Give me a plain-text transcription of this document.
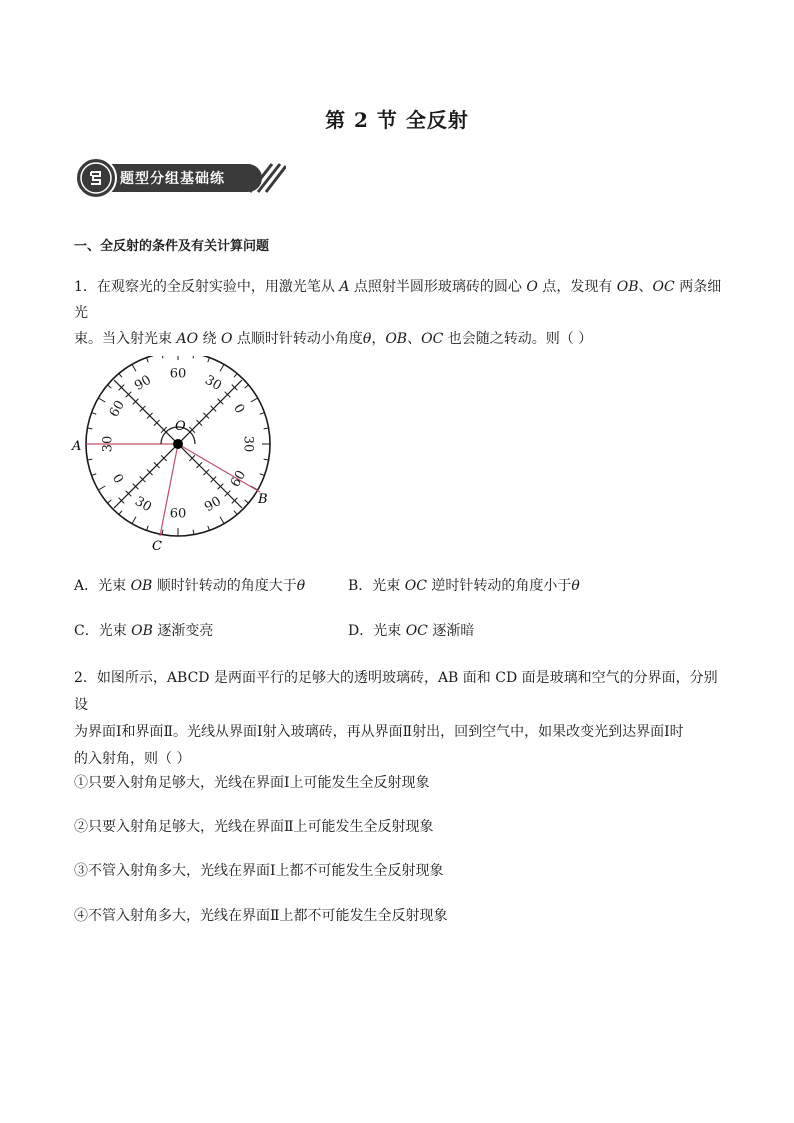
第 2 节 全反射
题型分组基础练
一、全反射的条件及有关计算问题
1．在观察光的全反射实验中，用激光笔从 A 点照射半圆形玻璃砖的圆心 O 点，发现有 OB、OC 两条细光
束。当入射光束 AO 绕 O 点顺时针转动小角度θ，OB、OC 也会随之转动。则（ ）
90 60 30
0
30
60
90
60
30
0
30
60
A
B
C
O
A．光束 OB 顺时针转动的角度大于θ	B．光束 OC 逆时针转动的角度小于θ
C．光束 OB 逐渐变亮	D．光束 OC 逐渐暗
2．如图所示，ABCD 是两面平行的足够大的透明玻璃砖，AB 面和 CD 面是玻璃和空气的分界面，分别设
为界面Ⅰ和界面Ⅱ。光线从界面Ⅰ射入玻璃砖，再从界面Ⅱ射出，回到空气中，如果改变光到达界面Ⅰ时
的入射角，则（ ）
①只要入射角足够大，光线在界面Ⅰ上可能发生全反射现象
②只要入射角足够大，光线在界面Ⅱ上可能发生全反射现象
③不管入射角多大，光线在界面Ⅰ上都不可能发生全反射现象
④不管入射角多大，光线在界面Ⅱ上都不可能发生全反射现象
